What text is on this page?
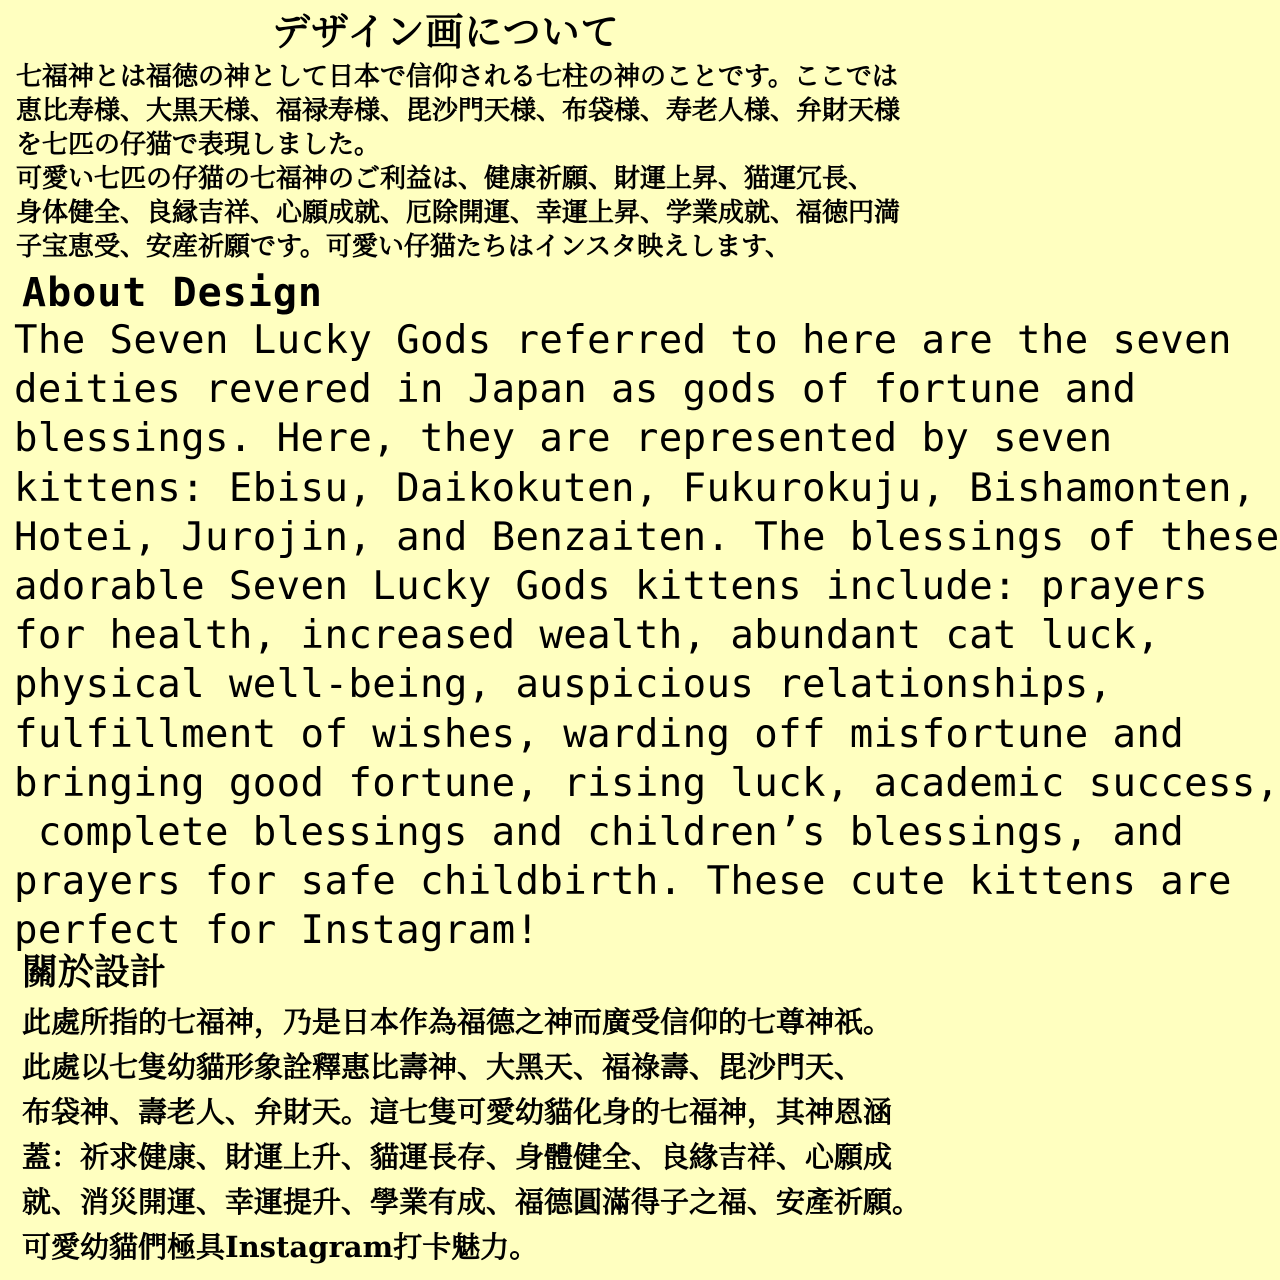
デザイン画について

七福神とは福徳の神として日本で信仰される七柱の神のことです。ここでは

恵比寿様、大黒天様、福禄寿様、毘沙門天様、布袋様、寿老人様、弁財天様

を七匹の仔猫で表現しました。

可愛い七匹の仔猫の七福神のご利益は、健康祈願、財運上昇、猫運冗長、

身体健全、良縁吉祥、心願成就、厄除開運、幸運上昇、学業成就、福徳円満

子宝恵受、安産祈願です。可愛い仔猫たちはインスタ映えします、

About Design
The Seven Lucky Gods referred to here are the seven
deities revered in Japan as gods of fortune and
blessings. Here, they are represented by seven
kittens: Ebisu, Daikokuten, Fukurokuju, Bishamonten,
Hotei, Jurojin, and Benzaiten. The blessings of these
adorable Seven Lucky Gods kittens include: prayers
for health, increased wealth, abundant cat luck,
physical well-being, auspicious relationships,
fulfillment of wishes, warding off misfortune and
bringing good fortune, rising luck, academic success,
complete blessings and children’s blessings, and
prayers for safe childbirth. These cute kittens are
perfect for Instagram!
關於設計

此處所指的七福神，乃是日本作為福德之神而廣受信仰的七尊神祇。

此處以七隻幼貓形象詮釋惠比壽神、大黑天、福祿壽、毘沙門天、

布袋神、壽老人、弁財天。這七隻可愛幼貓化身的七福神，其神恩涵

蓋：祈求健康、財運上升、貓運長存、身體健全、良緣吉祥、心願成

就、消災開運、幸運提升、學業有成、福德圓滿得子之福、安產祈願。

可愛幼貓們極具Instagram打卡魅力。
